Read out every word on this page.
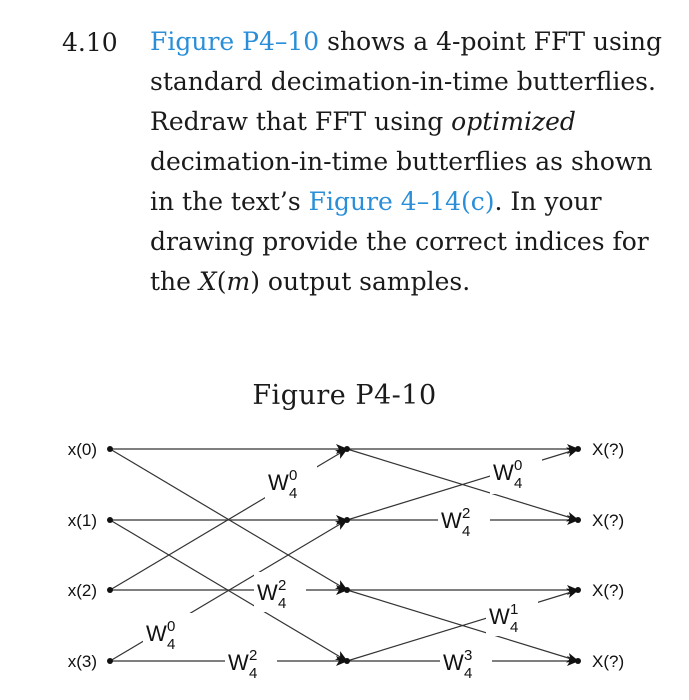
4.10 Figure P4–10 shows a 4-point FFT using standard decimation-in-time butterflies. Redraw that FFT using optimized decimation-in-time butterflies as shown in the text’s Figure 4–14(c). In your drawing provide the correct indices for the X(m) output samples.
Figure P4-10
x(0)
x(1)
x(2)
x(3)
X(?)
X(?)
X(?)
X(?)
W 0
4
W 2
4
W 0
4
W 2
4
W 0
4
W 2
4
W 1
4
W 3
4
